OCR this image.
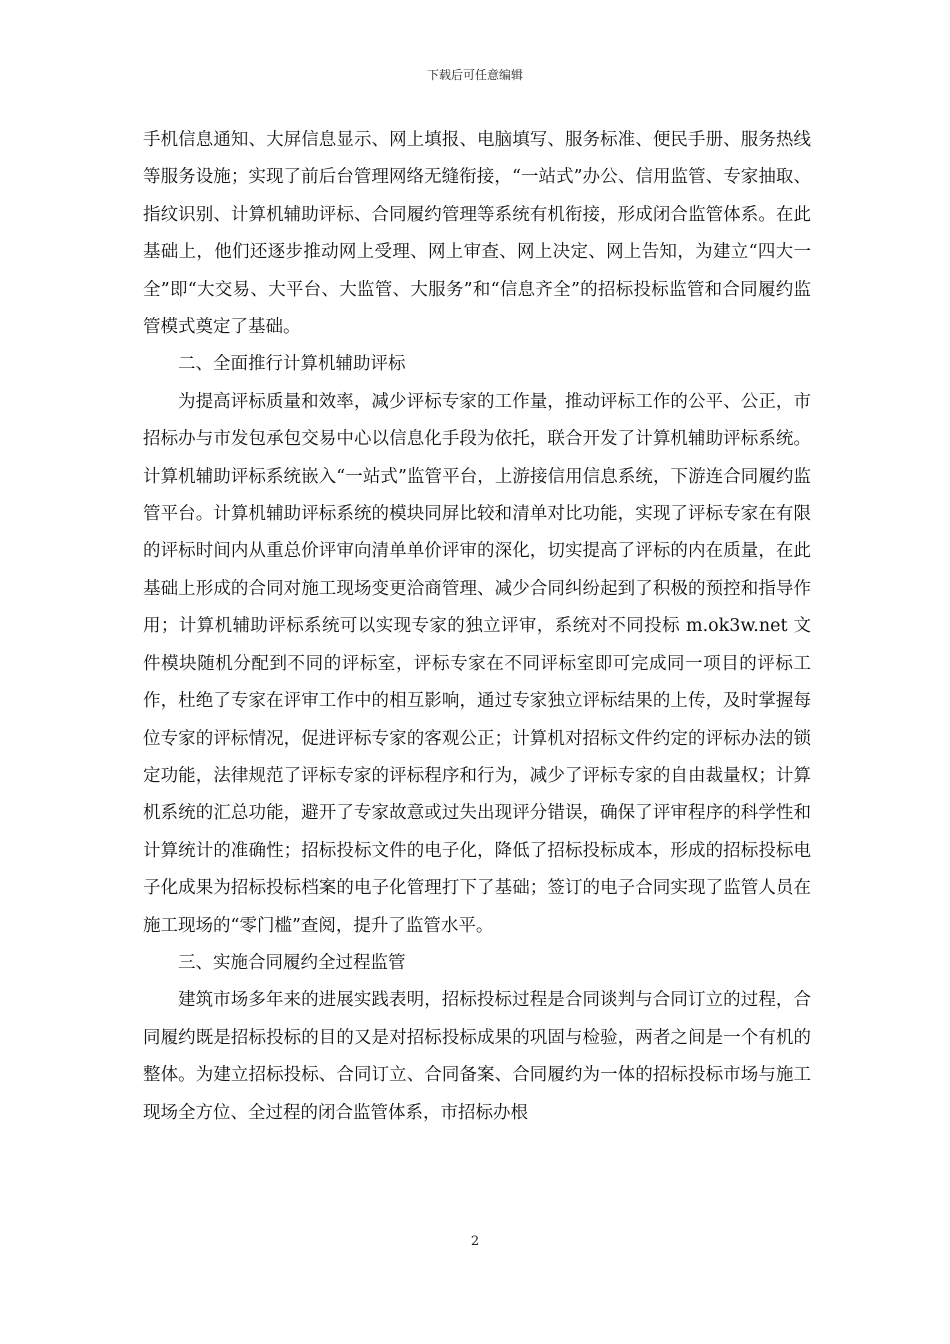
下载后可任意编辑

手机信息通知、大屏信息显示、网上填报、电脑填写、服务标准、便民手册、服务热线等服务设施；实现了前后台管理网络无缝衔接，“一站式”办公、信用监管、专家抽取、指纹识别、计算机辅助评标、合同履约管理等系统有机衔接，形成闭合监管体系。在此基础上，他们还逐步推动网上受理、网上审查、网上决定、网上告知，为建立“四大一全”即“大交易、大平台、大监管、大服务”和“信息齐全”的招标投标监管和合同履约监管模式奠定了基础。

二、全面推行计算机辅助评标

为提高评标质量和效率，减少评标专家的工作量，推动评标工作的公平、公正，市招标办与市发包承包交易中心以信息化手段为依托，联合开发了计算机辅助评标系统。计算机辅助评标系统嵌入“一站式”监管平台，上游接信用信息系统，下游连合同履约监管平台。计算机辅助评标系统的模块同屏比较和清单对比功能，实现了评标专家在有限的评标时间内从重总价评审向清单单价评审的深化，切实提高了评标的内在质量，在此基础上形成的合同对施工现场变更洽商管理、减少合同纠纷起到了积极的预控和指导作用；计算机辅助评标系统可以实现专家的独立评审，系统对不同投标 m.ok3w.net 文件模块随机分配到不同的评标室，评标专家在不同评标室即可完成同一项目的评标工作，杜绝了专家在评审工作中的相互影响，通过专家独立评标结果的上传，及时掌握每位专家的评标情况，促进评标专家的客观公正；计算机对招标文件约定的评标办法的锁定功能，法律规范了评标专家的评标程序和行为，减少了评标专家的自由裁量权；计算机系统的汇总功能，避开了专家故意或过失出现评分错误，确保了评审程序的科学性和计算统计的准确性；招标投标文件的电子化，降低了招标投标成本，形成的招标投标电子化成果为招标投标档案的电子化管理打下了基础；签订的电子合同实现了监管人员在施工现场的“零门槛”查阅，提升了监管水平。

三、实施合同履约全过程监管

建筑市场多年来的进展实践表明，招标投标过程是合同谈判与合同订立的过程，合同履约既是招标投标的目的又是对招标投标成果的巩固与检验，两者之间是一个有机的整体。为建立招标投标、合同订立、合同备案、合同履约为一体的招标投标市场与施工现场全方位、全过程的闭合监管体系，市招标办根

2
